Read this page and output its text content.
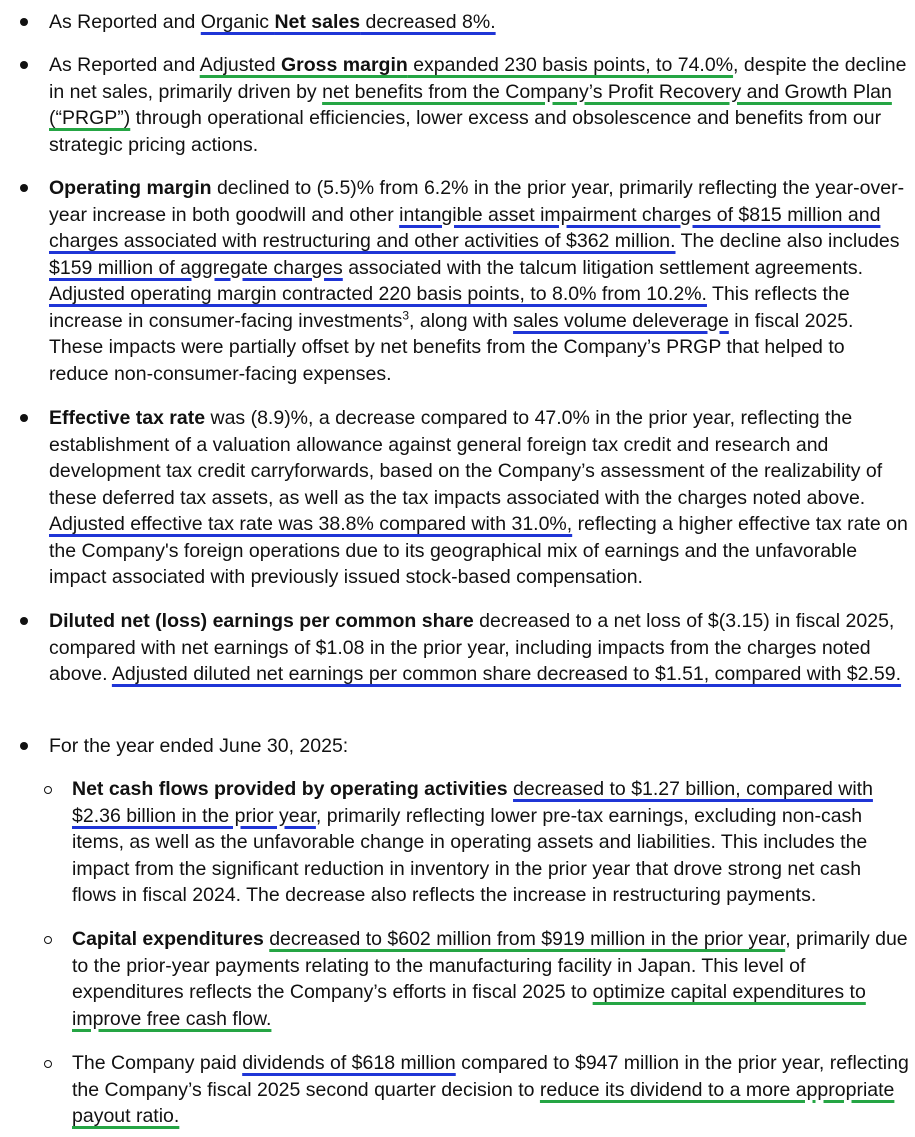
As Reported and Organic Net sales decreased 8%.

As Reported and Adjusted Gross margin expanded 230 basis points, to 74.0%, despite the decline in net sales, primarily driven by net benefits from the Company’s Profit Recovery and Growth Plan (“PRGP”) through operational efficiencies, lower excess and obsolescence and benefits from our strategic pricing actions.

Operating margin declined to (5.5)% from 6.2% in the prior year, primarily reflecting the year-over-year increase in both goodwill and other intangible asset impairment charges of $815 million and charges associated with restructuring and other activities of $362 million. The decline also includes $159 million of aggregate charges associated with the talcum litigation settlement agreements. Adjusted operating margin contracted 220 basis points, to 8.0% from 10.2%. This reflects the increase in consumer-facing investments$^3$, along with sales volume deleverage in fiscal 2025. These impacts were partially offset by net benefits from the Company’s PRGP that helped to reduce non-consumer-facing expenses.

Effective tax rate was (8.9)%, a decrease compared to 47.0% in the prior year, reflecting the establishment of a valuation allowance against general foreign tax credit and research and development tax credit carryforwards, based on the Company’s assessment of the realizability of these deferred tax assets, as well as the tax impacts associated with the charges noted above. Adjusted effective tax rate was 38.8% compared with 31.0%, reflecting a higher effective tax rate on the Company's foreign operations due to its geographical mix of earnings and the unfavorable impact associated with previously issued stock-based compensation.

Diluted net (loss) earnings per common share decreased to a net loss of $(3.15) in fiscal 2025, compared with net earnings of $1.08 in the prior year, including impacts from the charges noted above. Adjusted diluted net earnings per common share decreased to $1.51, compared with $2.59.

For the year ended June 30, 2025:

Net cash flows provided by operating activities decreased to $1.27 billion, compared with $2.36 billion in the prior year, primarily reflecting lower pre-tax earnings, excluding non-cash items, as well as the unfavorable change in operating assets and liabilities. This includes the impact from the significant reduction in inventory in the prior year that drove strong net cash flows in fiscal 2024. The decrease also reflects the increase in restructuring payments.

Capital expenditures decreased to $602 million from $919 million in the prior year, primarily due to the prior-year payments relating to the manufacturing facility in Japan. This level of expenditures reflects the Company’s efforts in fiscal 2025 to optimize capital expenditures to improve free cash flow.

The Company paid dividends of $618 million compared to $947 million in the prior year, reflecting the Company’s fiscal 2025 second quarter decision to reduce its dividend to a more appropriate payout ratio.
